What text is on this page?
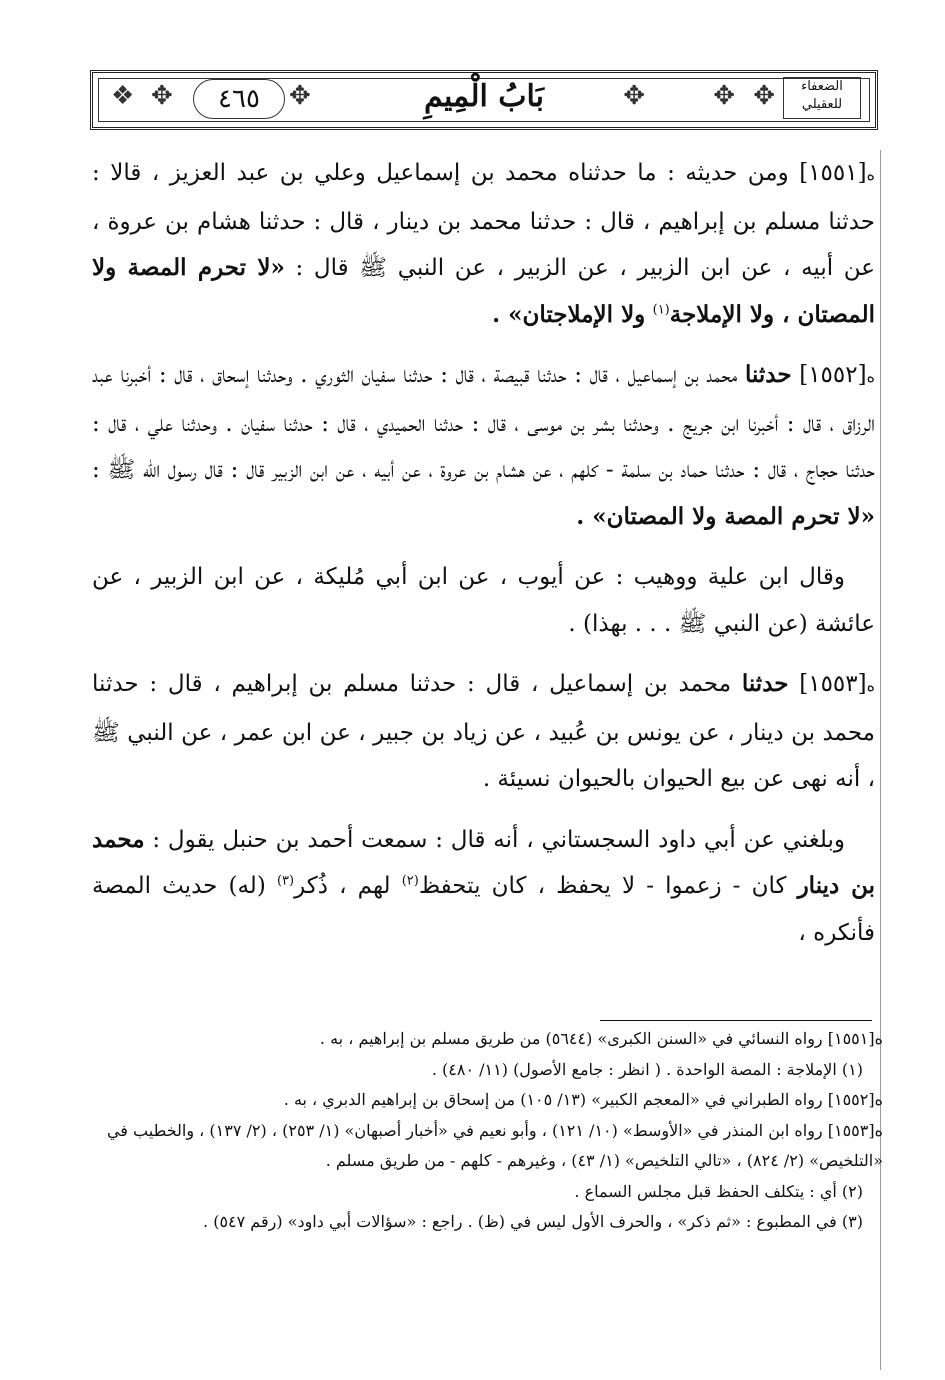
❖ ✥	✥	✥
✥
✥
٤٦٥	بَابُ الْمِيمِ	الضعفاء للعقيلي

ه[١٥٥١] ومن حديثه : ما حدثناه محمد بن إسماعيل وعلي بن عبد العزيز ، قالا : حدثنا مسلم بن إبراهيم ، قال : حدثنا محمد بن دينار ، قال : حدثنا هشام بن عروة ، عن أبيه ، عن ابن الزبير ، عن الزبير ، عن النبي ﷺ قال : «لا تحرم المصة ولا المصتان ، ولا الإملاجة$^{(١)}$ ولا الإملاجتان» .

ه[١٥٥٢] حدثنا محمد بن إسماعيل ، قال : حدثنا قبيصة ، قال : حدثنا سفيان الثوري . وحدثنا إسحاق ، قال : أخبرنا عبد الرزاق ، قال : أخبرنا ابن جريج . وحدثنا بشر بن موسى ، قال : حدثنا الحميدي ، قال : حدثنا سفيان . وحدثنا علي ، قال : حدثنا حجاج ، قال : حدثنا حماد بن سلمة - كلهم ، عن هشام بن عروة ، عن أبيه ، عن ابن الزبير قال : قال رسول الله ﷺ : «لا تحرم المصة ولا المصتان» .

وقال ابن علية ووهيب : عن أيوب ، عن ابن أبي مُليكة ، عن ابن الزبير ، عن عائشة (عن النبي ﷺ . . . بهذا) .

ه[١٥٥٣] حدثنا محمد بن إسماعيل ، قال : حدثنا مسلم بن إبراهيم ، قال : حدثنا محمد بن دينار ، عن يونس بن عُبيد ، عن زياد بن جبير ، عن ابن عمر ، عن النبي ﷺ ، أنه نهى عن بيع الحيوان بالحيوان نسيئة .

وبلغني عن أبي داود السجستاني ، أنه قال : سمعت أحمد بن حنبل يقول : محمد بن دينار كان - زعموا - لا يحفظ ، كان يتحفظ$^{(٢)}$ لهم ، ذُكر$^{(٣)}$ (له) حديث المصة فأنكره ،

ه[١٥٥١] رواه النسائي في «السنن الكبرى» (٥٦٤٤) من طريق مسلم بن إبراهيم ، به .

(١) الإملاجة : المصة الواحدة . ( انظر : جامع الأصول) (١١/ ٤٨٠) .

ه[١٥٥٢] رواه الطبراني في «المعجم الكبير» (١٣/ ١٠٥) من إسحاق بن إبراهيم الدبري ، به .

ه[١٥٥٣] رواه ابن المنذر في «الأوسط» (١٠/ ١٢١) ، وأبو نعيم في «أخبار أصبهان» (١/ ٢٥٣) ، (٢/ ١٣٧) ، والخطيب في «التلخيص» (٢/ ٨٢٤) ، «تالي التلخيص» (١/ ٤٣) ، وغيرهم - كلهم - من طريق مسلم .

(٢) أي : يتكلف الحفظ قبل مجلس السماع .

(٣) في المطبوع : «ثم ذكر» ، والحرف الأول ليس في (ظ) . راجع : «سؤالات أبي داود» (رقم ٥٤٧) .
